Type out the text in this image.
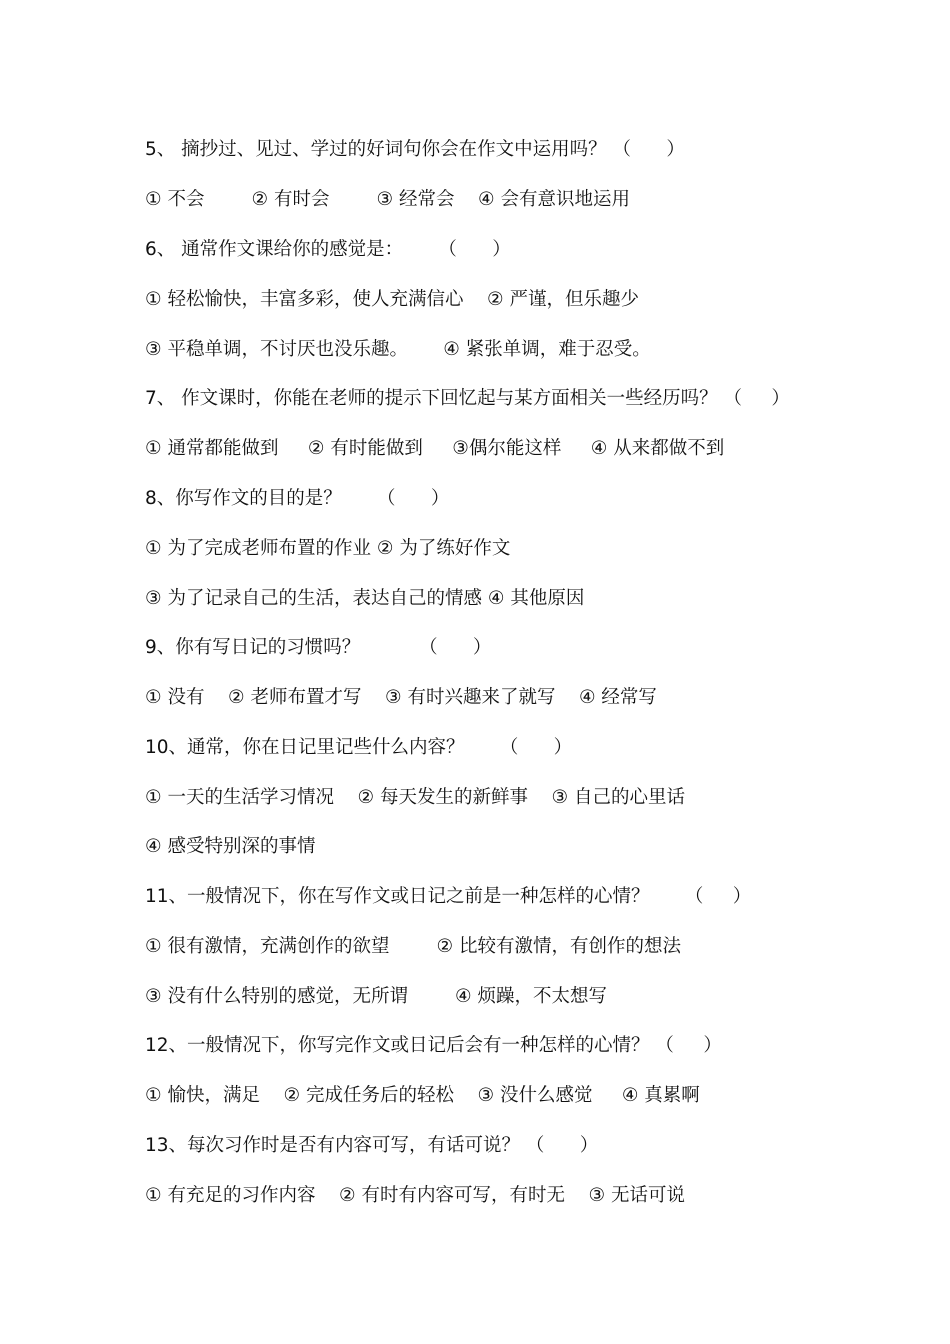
5、 摘抄过、见过、学过的好词句你会在作文中运用吗？ （      ）
① 不会        ② 有时会        ③ 经常会    ④ 会有意识地运用
6、 通常作文课给你的感觉是：      （      ）
① 轻松愉快，丰富多彩，使人充满信心    ② 严谨，但乐趣少
③ 平稳单调，不讨厌也没乐趣。      ④ 紧张单调，难于忍受。
7、 作文课时，你能在老师的提示下回忆起与某方面相关一些经历吗？ （     ）
① 通常都能做到     ② 有时能做到     ③偶尔能这样     ④ 从来都做不到
8、你写作文的目的是？      （      ）
① 为了完成老师布置的作业 ② 为了练好作文
③ 为了记录自己的生活，表达自己的情感 ④ 其他原因
9、你有写日记的习惯吗？          （      ）
① 没有    ② 老师布置才写    ③ 有时兴趣来了就写    ④ 经常写
10、通常，你在日记里记些什么内容？      （      ）
① 一天的生活学习情况    ② 每天发生的新鲜事    ③ 自己的心里话
④ 感受特别深的事情
11、一般情况下，你在写作文或日记之前是一种怎样的心情？      （     ）
① 很有激情，充满创作的欲望        ② 比较有激情，有创作的想法
③ 没有什么特别的感觉，无所谓        ④ 烦躁，不太想写
12、一般情况下，你写完作文或日记后会有一种怎样的心情？ （     ）
① 愉快，满足    ② 完成任务后的轻松    ③ 没什么感觉     ④ 真累啊
13、每次习作时是否有内容可写，有话可说？ （      ）
① 有充足的习作内容    ② 有时有内容可写，有时无    ③ 无话可说
